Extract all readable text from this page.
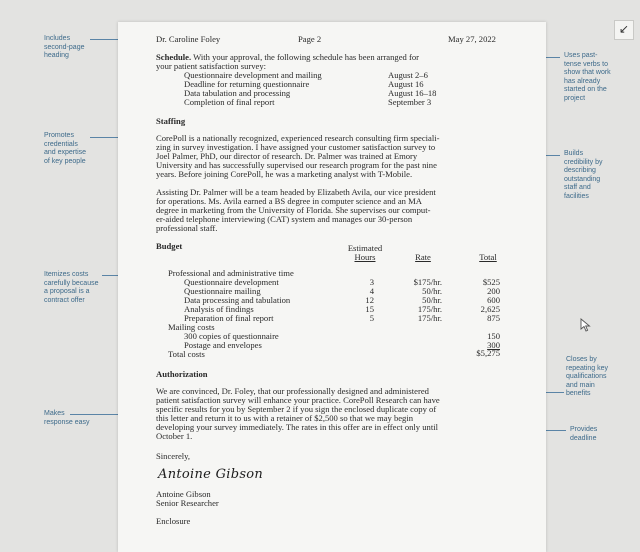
↙
Includes
second-page
heading
Promotes
credentials
and expertise
of key people
Itemizes costs
carefully because
a proposal is a
contract offer
Makes
response easy
Uses past-
tense verbs to
show that work
has already
started on the
project
Builds
credibility by
describing
outstanding
staff and
facilities
Closes by
repeating key
qualifications
and main
benefits
Provides
deadline
Dr. Caroline Foley	Page 2	May 27, 2022
Schedule. With your approval, the following schedule has been arranged for
your patient satisfaction survey:
Questionnaire development and mailing	August 2–6
Deadline for returning questionnaire	August 16
Data tabulation and processing	August 16–18
Completion of final report	September 3
Staffing
CorePoll is a nationally recognized, experienced research consulting firm speciali-
zing in survey investigation. I have assigned your customer satisfaction survey to
Joel Palmer, PhD, our director of research. Dr. Palmer was trained at Emory
University and has successfully supervised our research program for the past nine
years. Before joining CorePoll, he was a marketing analyst with T-Mobile.
Assisting Dr. Palmer will be a team headed by Elizabeth Avila, our vice president
for operations. Ms. Avila earned a BS degree in computer science and an MA
degree in marketing from the University of Florida. She supervises our comput-
er-aided telephone interviewing (CAT) system and manages our 30-person
professional staff.
Budget	Estimated
Hours	Rate	Total
Professional and administrative time
Questionnaire development	3	$175/hr.	$525
Questionnaire mailing	4	50/hr.	200
Data processing and tabulation	12	50/hr.	600
Analysis of findings	15	175/hr.	2,625
Preparation of final report	5	175/hr.	875
Mailing costs
300 copies of questionnaire	150
Postage and envelopes	300
Total costs	$5,275
Authorization
We are convinced, Dr. Foley, that our professionally designed and administered
patient satisfaction survey will enhance your practice. CorePoll Research can have
specific results for you by September 2 if you sign the enclosed duplicate copy of
this letter and return it to us with a retainer of $2,500 so that we may begin
developing your survey immediately. The rates in this offer are in effect only until
October 1.
Sincerely,
Antoine Gibson
Antoine Gibson
Senior Researcher
Enclosure
